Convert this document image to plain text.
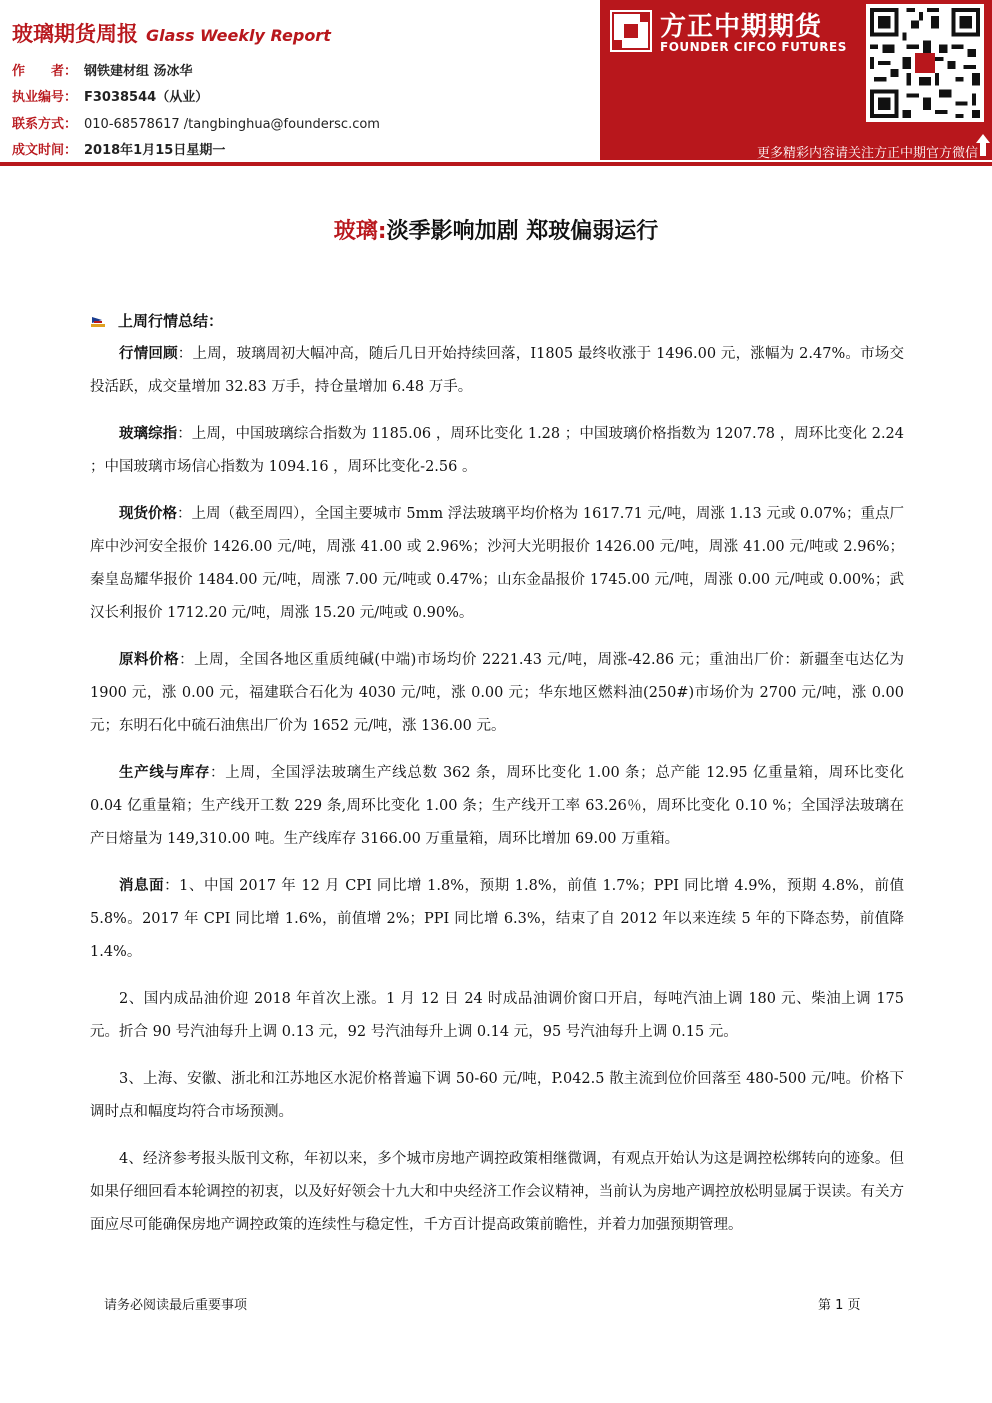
玻璃期货周报 Glass Weekly Report
作　　者： 钢铁建材组 汤冰华
执业编号： F3038544（从业）
联系方式： 010-68578617 /tangbinghua@foundersc.com
成文时间： 2018年1月15日星期一
方正中期期货
FOUNDER CIFCO FUTURES
更多精彩内容请关注方正中期官方微信
玻璃:淡季影响加剧 郑玻偏弱运行
上周行情总结：

行情回顾：上周，玻璃周初大幅冲高，随后几日开始持续回落，I1805 最终收涨于 1496.00 元，涨幅为 2.47%。市场交投活跃，成交量增加 32.83 万手，持仓量增加 6.48 万手。

玻璃综指：上周，中国玻璃综合指数为 1185.06 ，周环比变化 1.28 ；中国玻璃价格指数为 1207.78 ，周环比变化 2.24 ；中国玻璃市场信心指数为 1094.16 ，周环比变化-2.56 。

现货价格：上周（截至周四），全国主要城市 5mm 浮法玻璃平均价格为 1617.71 元/吨，周涨 1.13 元或 0.07%；重点厂库中沙河安全报价 1426.00 元/吨，周涨 41.00 或 2.96%；沙河大光明报价 1426.00 元/吨，周涨 41.00 元/吨或 2.96%；秦皇岛耀华报价 1484.00 元/吨，周涨 7.00 元/吨或 0.47%；山东金晶报价 1745.00 元/吨，周涨 0.00 元/吨或 0.00%；武汉长利报价 1712.20 元/吨，周涨 15.20 元/吨或 0.90%。

原料价格：上周，全国各地区重质纯碱(中端)市场均价 2221.43 元/吨，周涨-42.86 元；重油出厂价：新疆奎屯达亿为 1900 元，涨 0.00 元，福建联合石化为 4030 元/吨，涨 0.00 元；华东地区燃料油(250#)市场价为 2700 元/吨，涨 0.00 元；东明石化中硫石油焦出厂价为 1652 元/吨，涨 136.00 元。

生产线与库存：上周，全国浮法玻璃生产线总数 362 条，周环比变化 1.00 条；总产能 12.95 亿重量箱，周环比变化 0.04 亿重量箱；生产线开工数 229 条,周环比变化 1.00 条；生产线开工率 63.26％，周环比变化 0.10 %；全国浮法玻璃在产日熔量为 149,310.00 吨。生产线库存 3166.00 万重量箱，周环比增加 69.00 万重箱。

消息面：1、中国 2017 年 12 月 CPI 同比增 1.8%，预期 1.8%，前值 1.7%；PPI 同比增 4.9%，预期 4.8%，前值 5.8%。2017 年 CPI 同比增 1.6%，前值增 2%；PPI 同比增 6.3%，结束了自 2012 年以来连续 5 年的下降态势，前值降 1.4%。

2、国内成品油价迎 2018 年首次上涨。1 月 12 日 24 时成品油调价窗口开启，每吨汽油上调 180 元、柴油上调 175 元。折合 90 号汽油每升上调 0.13 元，92 号汽油每升上调 0.14 元，95 号汽油每升上调 0.15 元。

3、上海、安徽、浙北和江苏地区水泥价格普遍下调 50-60 元/吨，P.042.5 散主流到位价回落至 480-500 元/吨。价格下调时点和幅度均符合市场预测。

4、经济参考报头版刊文称，年初以来，多个城市房地产调控政策相继微调，有观点开始认为这是调控松绑转向的迹象。但如果仔细回看本轮调控的初衷，以及好好领会十九大和中央经济工作会议精神，当前认为房地产调控放松明显属于误读。有关方面应尽可能确保房地产调控政策的连续性与稳定性，千方百计提高政策前瞻性，并着力加强预期管理。

请务必阅读最后重要事项	第 1 页
